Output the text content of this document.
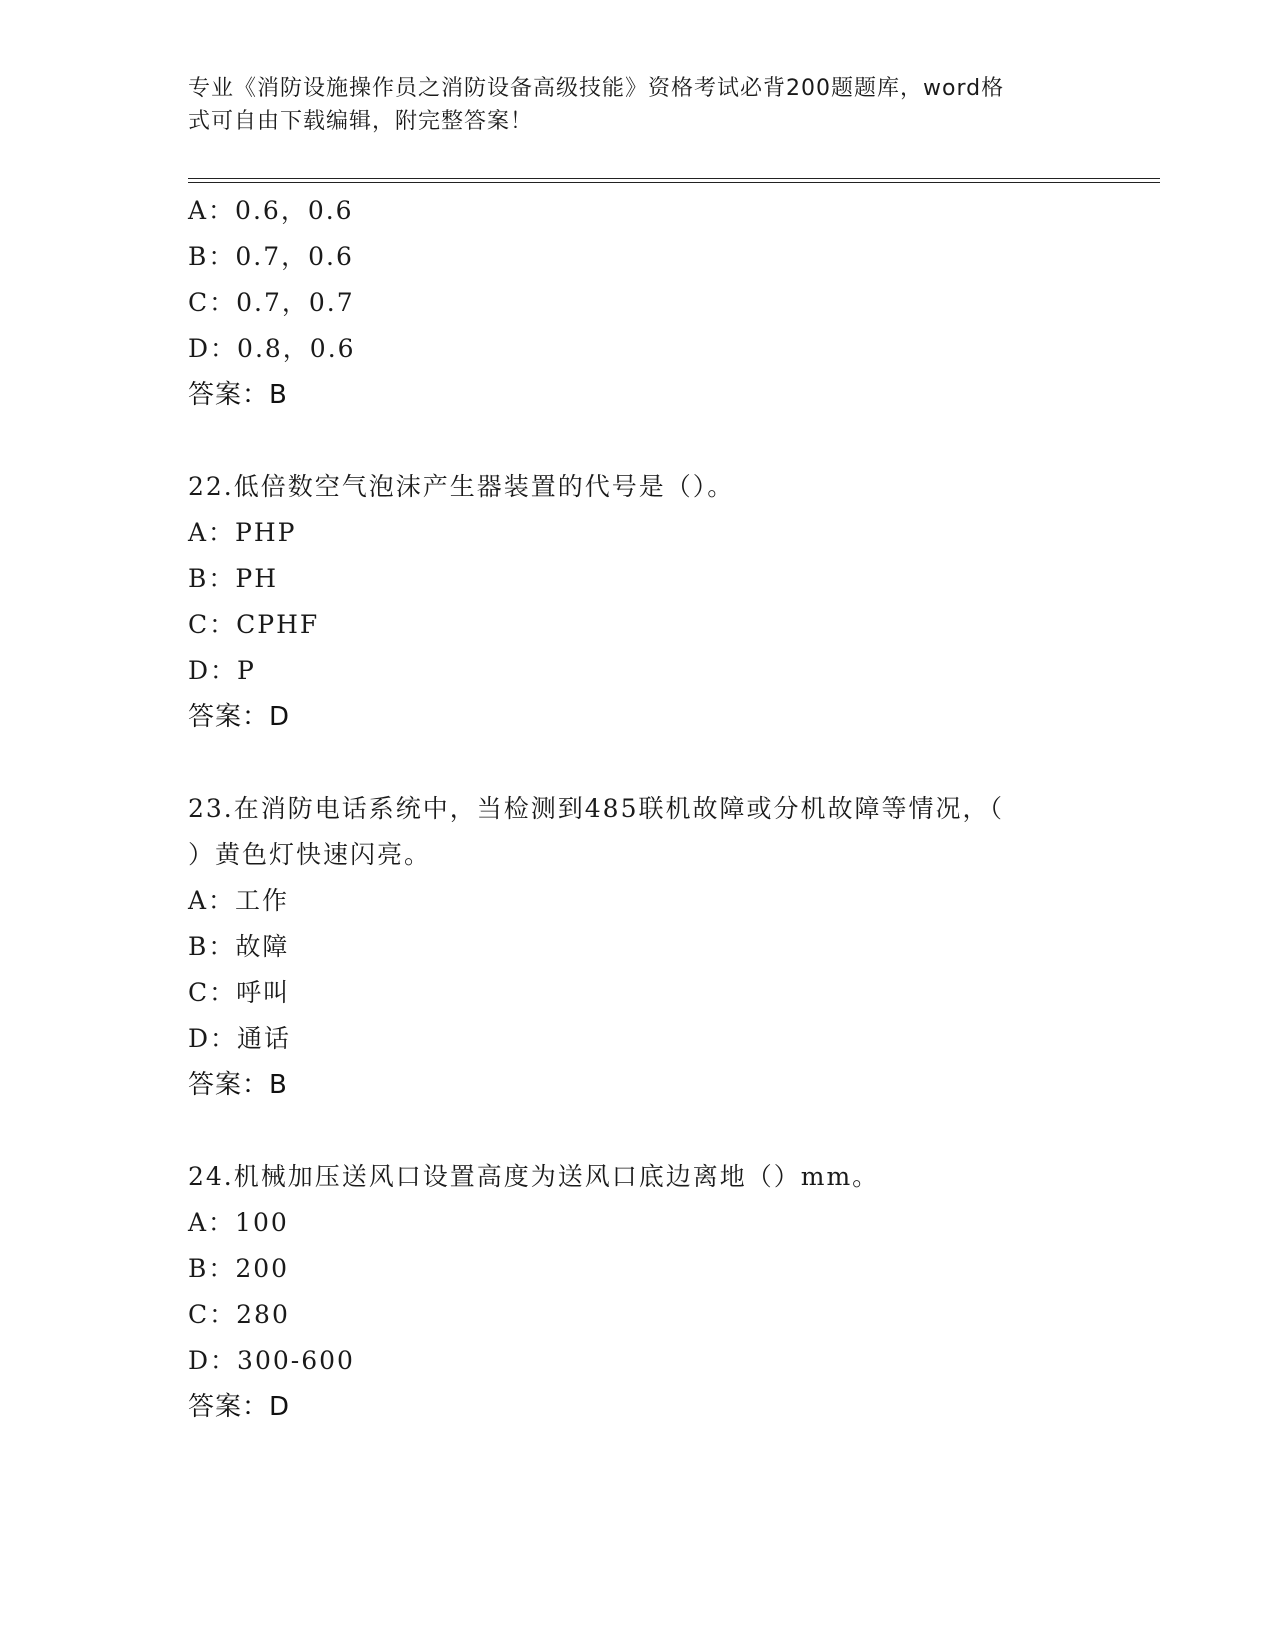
专业《消防设施操作员之消防设备高级技能》资格考试必背200题题库，word格
式可自由下载编辑，附完整答案！
A：0.6，0.6
B：0.7，0.6
C：0.7，0.7
D：0.8，0.6
答案：B
22.低倍数空气泡沫产生器装置的代号是（）。
A：PHP
B：PH
C：CPHF
D：P
答案：D
23.在消防电话系统中，当检测到485联机故障或分机故障等情况，（
）黄色灯快速闪亮。
A：工作
B：故障
C：呼叫
D：通话
答案：B
24.机械加压送风口设置高度为送风口底边离地（）mm。
A：100
B：200
C：280
D：300-600
答案：D
